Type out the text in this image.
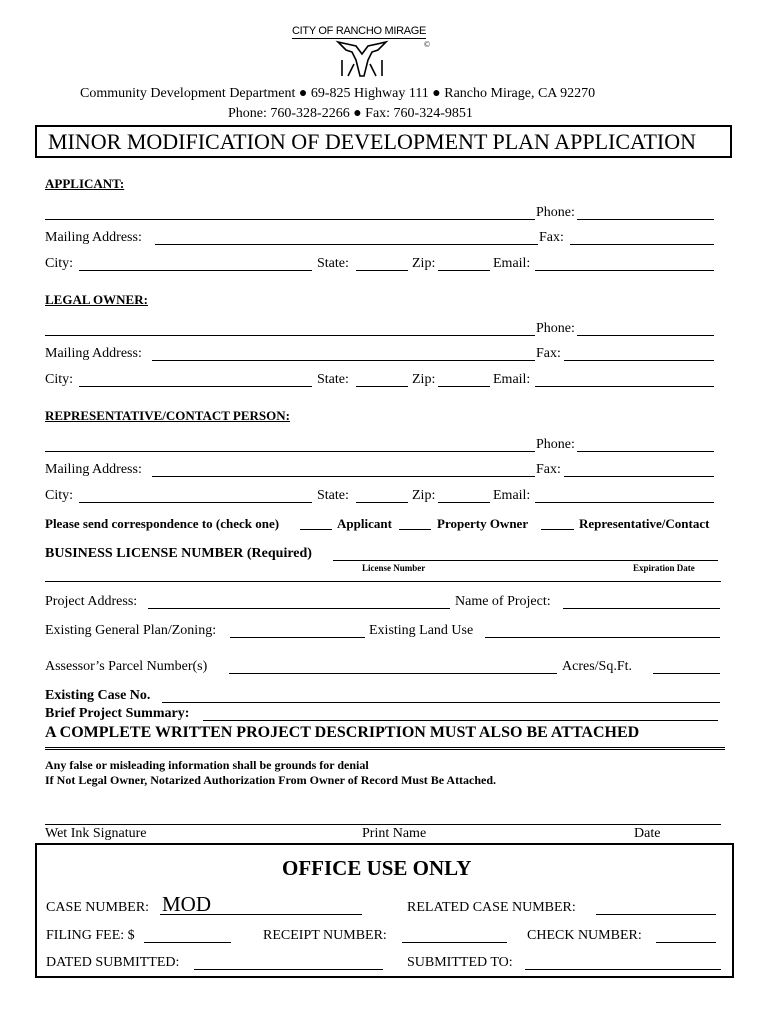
CITY OF RANCHO MIRAGE
©
Community Development Department ● 69-825 Highway 111 ● Rancho Mirage, CA 92270
Phone: 760-328-2266 ● Fax: 760-324-9851
MINOR MODIFICATION OF DEVELOPMENT PLAN APPLICATION
APPLICANT:
Phone:
Mailing Address:	Fax:
City:	State:	Zip:	Email:
LEGAL OWNER:
Phone:
Mailing Address:	Fax:
City:	State:	Zip:	Email:
REPRESENTATIVE/CONTACT PERSON:
Phone:
Mailing Address:	Fax:
City:	State:	Zip:	Email:
Please send correspondence to (check one)	Applicant	Property Owner	Representative/Contact
BUSINESS LICENSE NUMBER (Required)
License Number	Expiration Date
Project Address:	Name of Project:
Existing General Plan/Zoning:	Existing Land Use
Assessor’s Parcel Number(s)	Acres/Sq.Ft.
Existing Case No.
Brief Project Summary:
A COMPLETE WRITTEN PROJECT DESCRIPTION MUST ALSO BE ATTACHED
Any false or misleading information shall be grounds for denial
If Not Legal Owner, Notarized Authorization From Owner of Record Must Be Attached.
Wet Ink Signature	Print Name	Date
OFFICE USE ONLY
CASE NUMBER: MOD	RELATED CASE NUMBER:
FILING FEE: $	RECEIPT NUMBER:	CHECK NUMBER:
DATED SUBMITTED:	SUBMITTED TO:
